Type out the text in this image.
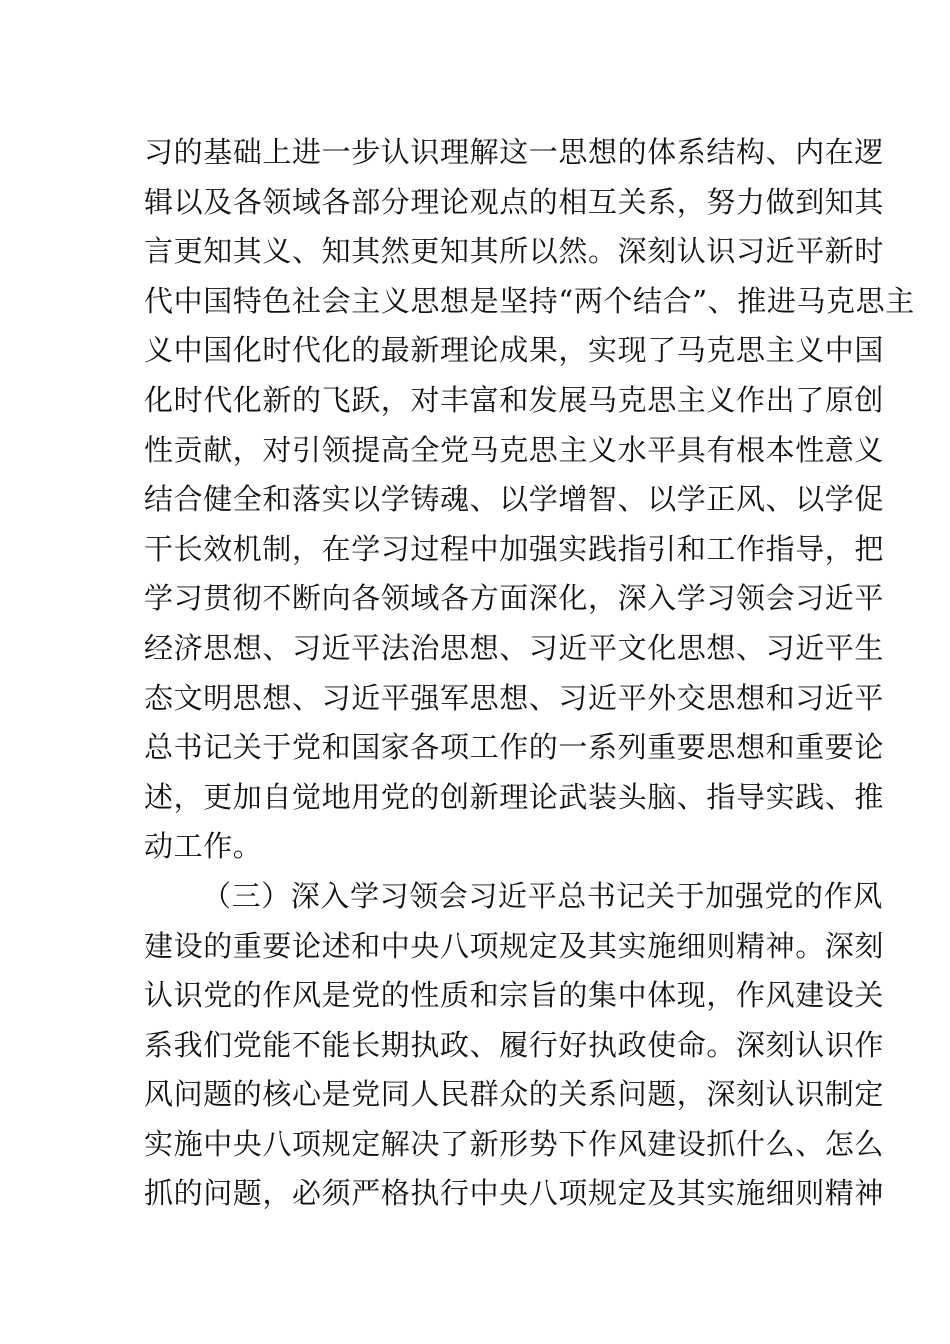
习的基础上进一步认识理解这一思想的体系结构、内在逻
辑以及各领域各部分理论观点的相互关系，努力做到知其
言更知其义、知其然更知其所以然。深刻认识习近平新时
代中国特色社会主义思想是坚持“两个结合”、推进马克思主
义中国化时代化的最新理论成果，实现了马克思主义中国
化时代化新的飞跃，对丰富和发展马克思主义作出了原创
性贡献，对引领提高全党马克思主义水平具有根本性意义
结合健全和落实以学铸魂、以学增智、以学正风、以学促
干长效机制，在学习过程中加强实践指引和工作指导，把
学习贯彻不断向各领域各方面深化，深入学习领会习近平
经济思想、习近平法治思想、习近平文化思想、习近平生
态文明思想、习近平强军思想、习近平外交思想和习近平
总书记关于党和国家各项工作的一系列重要思想和重要论
述，更加自觉地用党的创新理论武装头脑、指导实践、推
动工作。
（三）深入学习领会习近平总书记关于加强党的作风
建设的重要论述和中央八项规定及其实施细则精神。深刻
认识党的作风是党的性质和宗旨的集中体现，作风建设关
系我们党能不能长期执政、履行好执政使命。深刻认识作
风问题的核心是党同人民群众的关系问题，深刻认识制定
实施中央八项规定解决了新形势下作风建设抓什么、怎么
抓的问题，必须严格执行中央八项规定及其实施细则精神
